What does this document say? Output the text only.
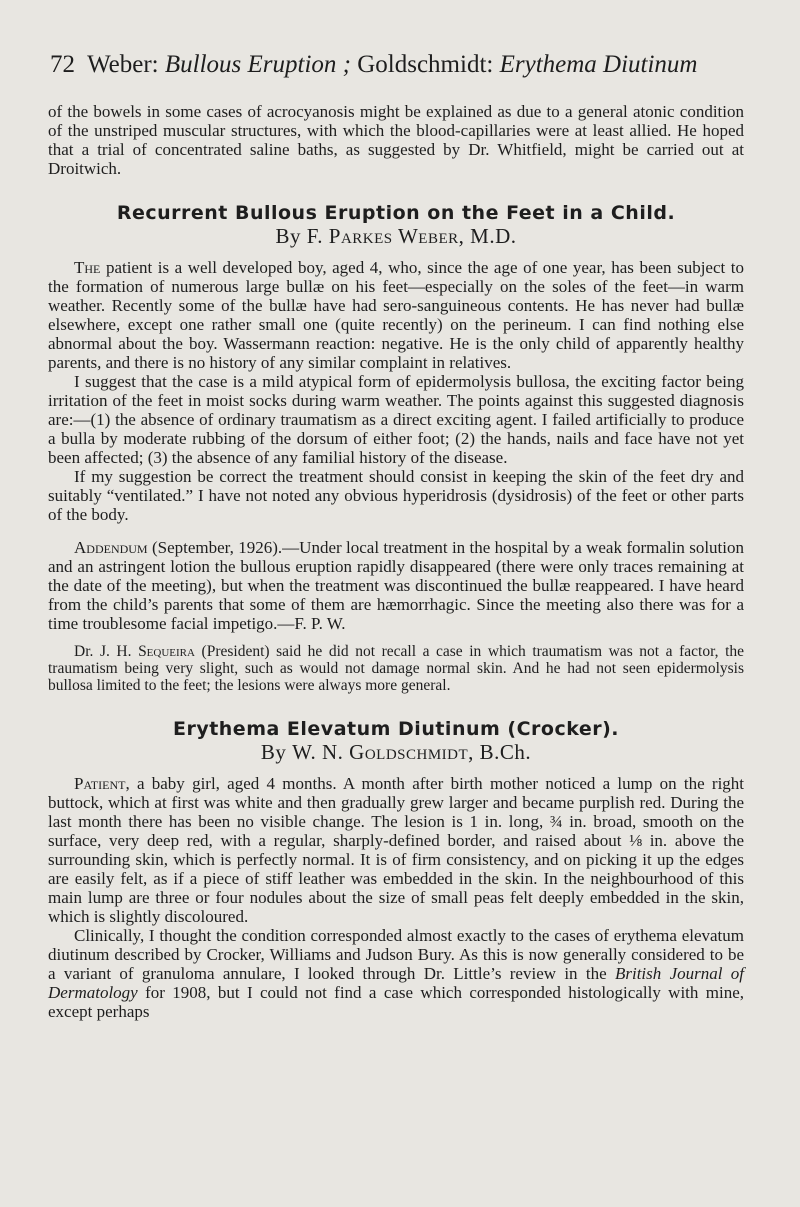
72 Weber: Bullous Eruption ; Goldschmidt: Erythema Diutinum

of the bowels in some cases of acrocyanosis might be explained as due to a general atonic condition of the unstriped muscular structures, with which the blood-capillaries were at least allied. He hoped that a trial of concentrated saline baths, as suggested by Dr. Whitfield, might be carried out at Droitwich.

Recurrent Bullous Eruption on the Feet in a Child.
By F. Parkes Weber, M.D.

The patient is a well developed boy, aged 4, who, since the age of one year, has been subject to the formation of numerous large bullæ on his feet—especially on the soles of the feet—in warm weather. Recently some of the bullæ have had sero-sanguineous contents. He has never had bullæ elsewhere, except one rather small one (quite recently) on the perineum. I can find nothing else abnormal about the boy. Wassermann reaction: negative. He is the only child of apparently healthy parents, and there is no history of any similar complaint in relatives.

I suggest that the case is a mild atypical form of epidermolysis bullosa, the exciting factor being irritation of the feet in moist socks during warm weather. The points against this suggested diagnosis are:—(1) the absence of ordinary traumatism as a direct exciting agent. I failed artificially to produce a bulla by moderate rubbing of the dorsum of either foot; (2) the hands, nails and face have not yet been affected; (3) the absence of any familial history of the disease.

If my suggestion be correct the treatment should consist in keeping the skin of the feet dry and suitably “ventilated.” I have not noted any obvious hyperidrosis (dysidrosis) of the feet or other parts of the body.

Addendum (September, 1926).—Under local treatment in the hospital by a weak formalin solution and an astringent lotion the bullous eruption rapidly disappeared (there were only traces remaining at the date of the meeting), but when the treatment was discontinued the bullæ reappeared. I have heard from the child’s parents that some of them are hæmorrhagic. Since the meeting also there was for a time troublesome facial impetigo.—F. P. W.

Dr. J. H. Sequeira (President) said he did not recall a case in which traumatism was not a factor, the traumatism being very slight, such as would not damage normal skin. And he had not seen epidermolysis bullosa limited to the feet; the lesions were always more general.

Erythema Elevatum Diutinum (Crocker).
By W. N. Goldschmidt, B.Ch.

Patient, a baby girl, aged 4 months. A month after birth mother noticed a lump on the right buttock, which at first was white and then gradually grew larger and became purplish red. During the last month there has been no visible change. The lesion is 1 in. long, ¾ in. broad, smooth on the surface, very deep red, with a regular, sharply-defined border, and raised about ⅛ in. above the surrounding skin, which is perfectly normal. It is of firm consistency, and on picking it up the edges are easily felt, as if a piece of stiff leather was embedded in the skin. In the neighbourhood of this main lump are three or four nodules about the size of small peas felt deeply embedded in the skin, which is slightly discoloured.

Clinically, I thought the condition corresponded almost exactly to the cases of erythema elevatum diutinum described by Crocker, Williams and Judson Bury. As this is now generally considered to be a variant of granuloma annulare, I looked through Dr. Little’s review in the British Journal of Dermatology for 1908, but I could not find a case which corresponded histologically with mine, except perhaps
